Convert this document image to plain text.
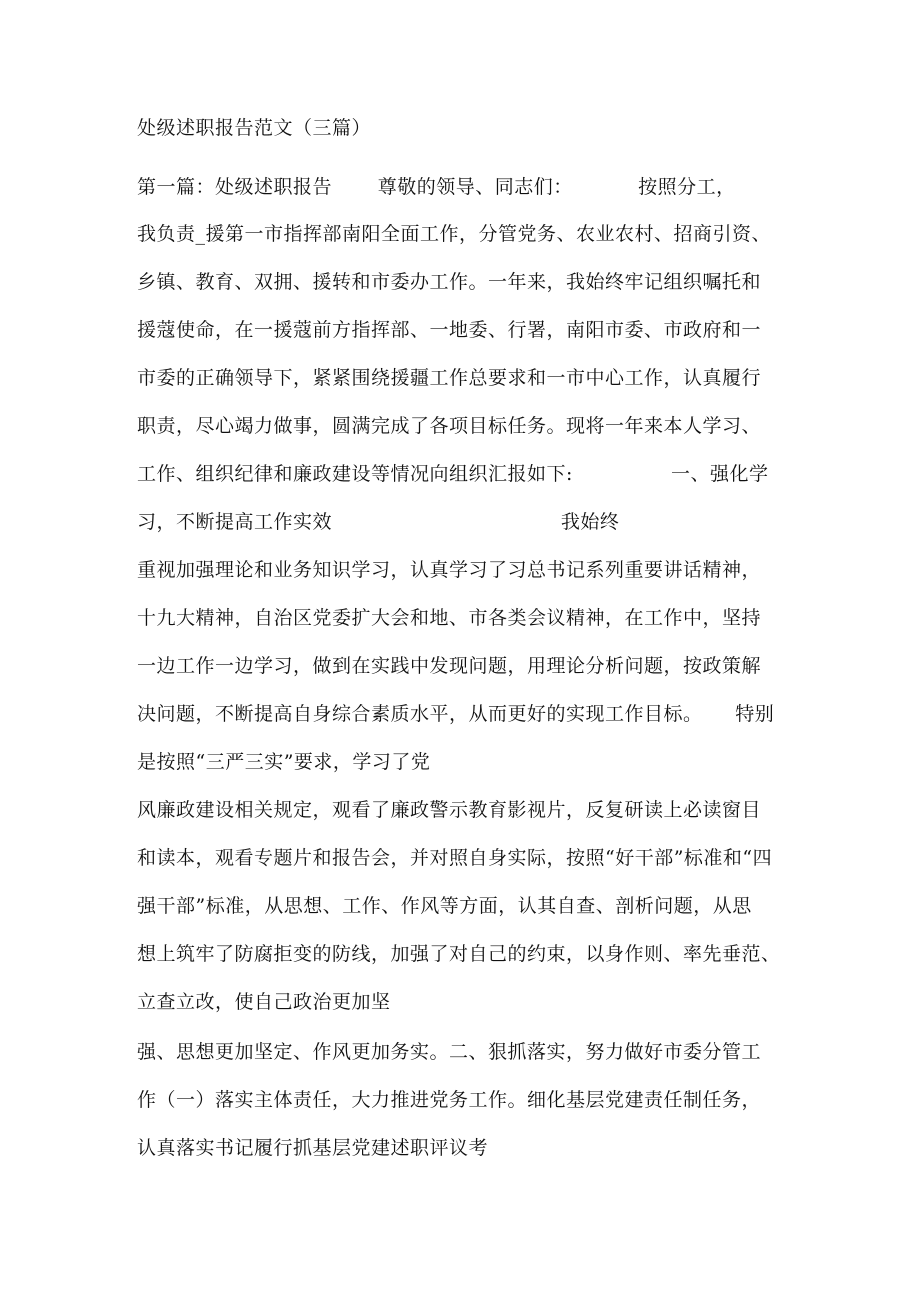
处级述职报告范文（三篇）
第一篇：处级述职报告       尊敬的领导、同志们：          按照分工，
我负责_援第一市指挥部南阳全面工作，分管党务、农业农村、招商引资、
乡镇、教育、双拥、援转和市委办工作。一年来，我始终牢记组织嘱托和
援蔻使命，在一援蔻前方指挥部、一地委、行署，南阳市委、市政府和一
市委的正确领导下，紧紧围绕援疆工作总要求和一市中心工作，认真履行
职责，尽心竭力做事，圆满完成了各项目标任务。现将一年来本人学习、
工作、组织纪律和廉政建设等情况向组织汇报如下:               一、强化学
习，不断提高工作实效                                   我始终
重视加强理论和业务知识学习，认真学习了习总书记系列重要讲话精神，
十九大精神，自治区党委扩大会和地、市各类会议精神，在工作中，坚持
一边工作一边学习，做到在实践中发现问题，用理论分析问题，按政策解
决问题，不断提高自身综合素质水平，从而更好的实现工作目标。     特别
是按照“三严三实”要求，学习了党
风廉政建设相关规定，观看了廉政警示教育影视片，反复研读上必读窗目
和读本，观看专题片和报告会，并对照自身实际，按照“好干部”标准和“四
强干部”标准，从思想、工作、作风等方面，认其自查、剖析问题，从思
想上筑牢了防腐拒变的防线，加强了对自己的约束，以身作则、率先垂范、
立查立改，使自己政治更加坚
强、思想更加坚定、作风更加务实。二、狠抓落实，努力做好市委分管工
作（一）落实主体责任，大力推进党务工作。细化基层党建责任制任务，
认真落实书记履行抓基层党建述职评议考
